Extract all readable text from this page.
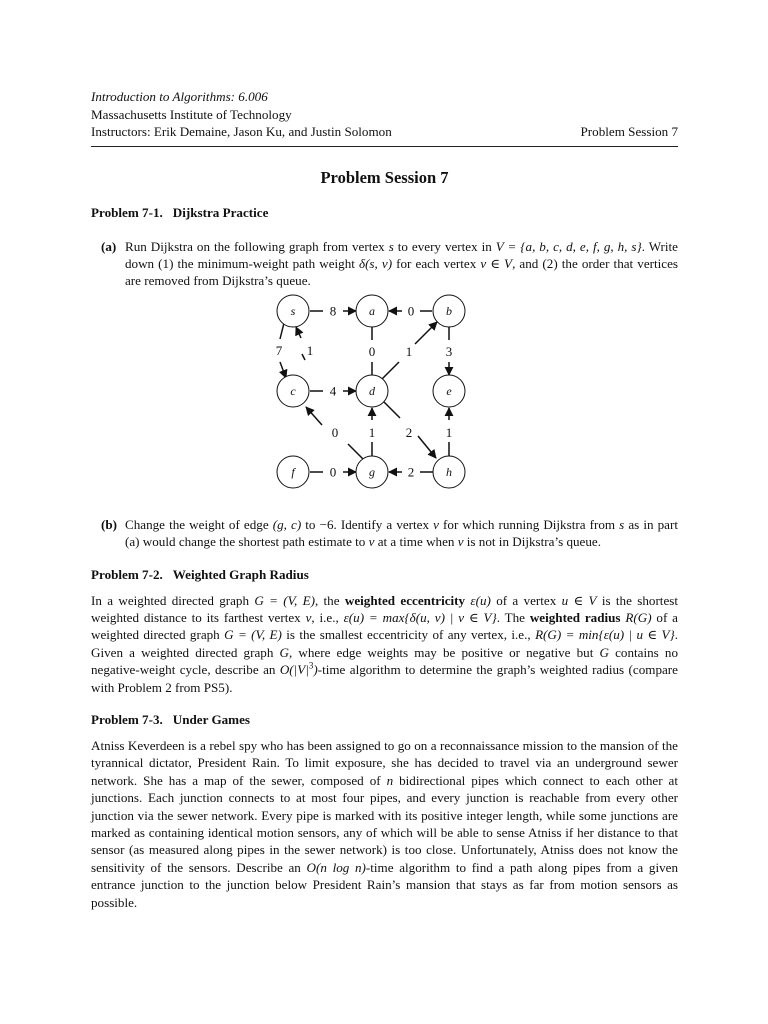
Introduction to Algorithms: 6.006
Massachusetts Institute of Technology
Instructors: Erik Demaine, Jason Ku, and Justin Solomon	Problem Session 7
Problem Session 7
Problem 7-1. Dijkstra Practice
(a) Run Dijkstra on the following graph from vertex s to every vertex in V = {a, b, c, d, e, f, g, h, s}. Write down (1) the minimum-weight path weight δ(s, v) for each vertex v ∈ V, and (2) the order that vertices are removed from Dijkstra’s queue.
s	a	b
c	d	e
f	g	h
8	0
7 1	0 1	3
4
0 1 2	1
0	2
(b) Change the weight of edge (g, c) to −6. Identify a vertex v for which running Dijkstra from s as in part (a) would change the shortest path estimate to v at a time when v is not in Dijkstra’s queue.
Problem 7-2. Weighted Graph Radius
In a weighted directed graph G = (V, E), the weighted eccentricity ε(u) of a vertex u ∈ V is the shortest weighted distance to its farthest vertex v, i.e., ε(u) = max{δ(u, v) | v ∈ V}. The weighted radius R(G) of a weighted directed graph G = (V, E) is the smallest eccentricity of any vertex, i.e., R(G) = min{ε(u) | u ∈ V}. Given a weighted directed graph G, where edge weights may be positive or negative but G contains no negative-weight cycle, describe an $O(|V|^3)$-time algorithm to determine the graph’s weighted radius (compare with Problem 2 from PS5).
Problem 7-3. Under Games
Atniss Keverdeen is a rebel spy who has been assigned to go on a reconnaissance mission to the mansion of the tyrannical dictator, President Rain. To limit exposure, she has decided to travel via an underground sewer network. She has a map of the sewer, composed of n bidirectional pipes which connect to each other at junctions. Each junction connects to at most four pipes, and every junction is reachable from every other junction via the sewer network. Every pipe is marked with its positive integer length, while some junctions are marked as containing identical motion sensors, any of which will be able to sense Atniss if her distance to that sensor (as measured along pipes in the sewer network) is too close. Unfortunately, Atniss does not know the sensitivity of the sensors. Describe an O(n log n)-time algorithm to find a path along pipes from a given entrance junction to the junction below President Rain’s mansion that stays as far from motion sensors as possible.
